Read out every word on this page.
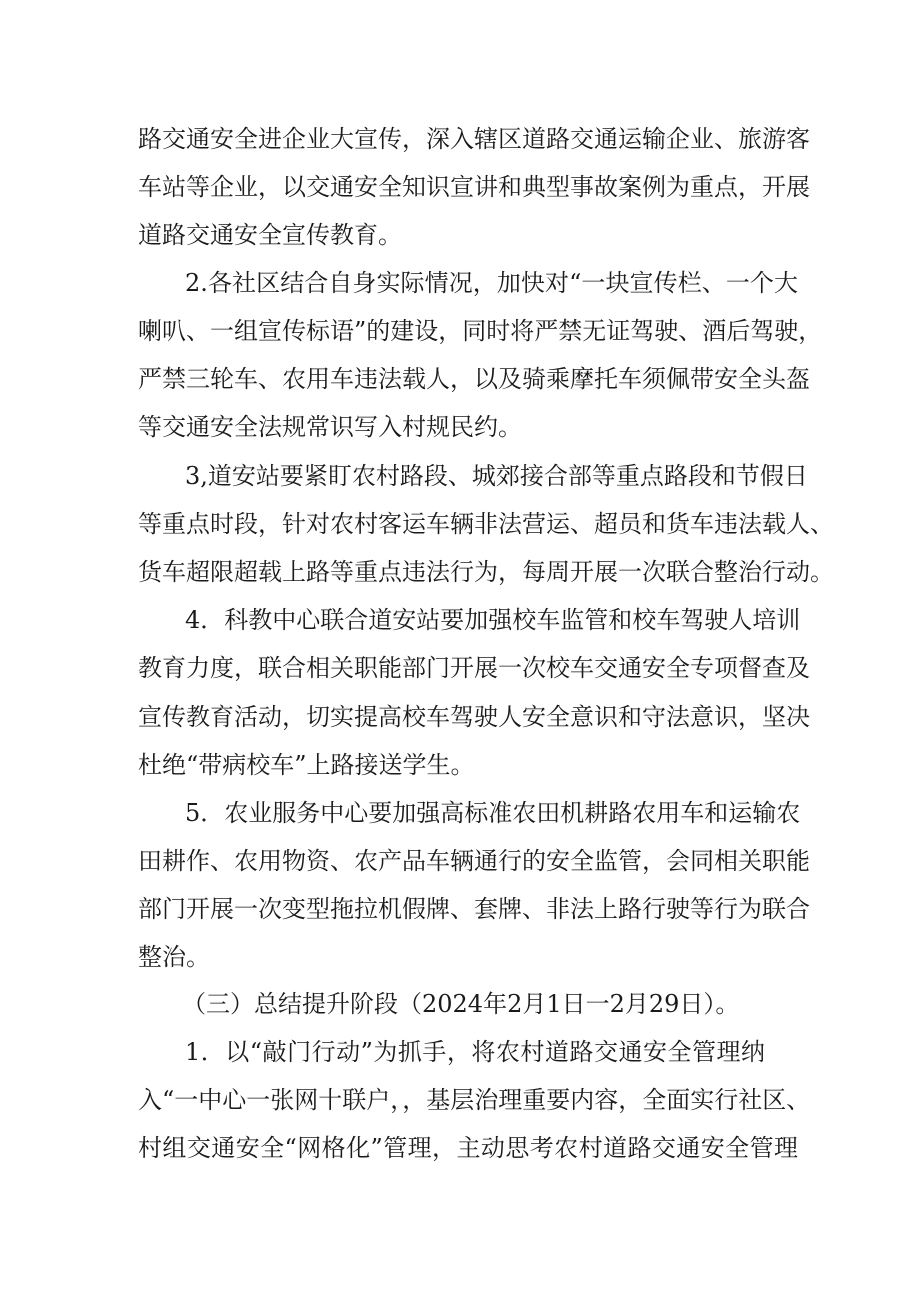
路交通安全进企业大宣传，深入辖区道路交通运输企业、旅游客
车站等企业，以交通安全知识宣讲和典型事故案例为重点，开展
道路交通安全宣传教育。
2.各社区结合自身实际情况，加快对“一块宣传栏、一个大
喇叭、一组宣传标语”的建设，同时将严禁无证驾驶、酒后驾驶，
严禁三轮车、农用车违法载人，以及骑乘摩托车须佩带安全头盔
等交通安全法规常识写入村规民约。
3,道安站要紧盯农村路段、城郊接合部等重点路段和节假日
等重点时段，针对农村客运车辆非法营运、超员和货车违法载人、
货车超限超载上路等重点违法行为，每周开展一次联合整治行动。
4．科教中心联合道安站要加强校车监管和校车驾驶人培训
教育力度，联合相关职能部门开展一次校车交通安全专项督查及
宣传教育活动，切实提高校车驾驶人安全意识和守法意识，坚决
杜绝“带病校车”上路接送学生。
5．农业服务中心要加强高标准农田机耕路农用车和运输农
田耕作、农用物资、农产品车辆通行的安全监管，会同相关职能
部门开展一次变型拖拉机假牌、套牌、非法上路行驶等行为联合
整治。
（三）总结提升阶段（2024年2月1日一2月29日）。
1．以“敲门行动”为抓手，将农村道路交通安全管理纳
入“一中心一张网十联户，，基层治理重要内容，全面实行社区、
村组交通安全“网格化”管理，主动思考农村道路交通安全管理
